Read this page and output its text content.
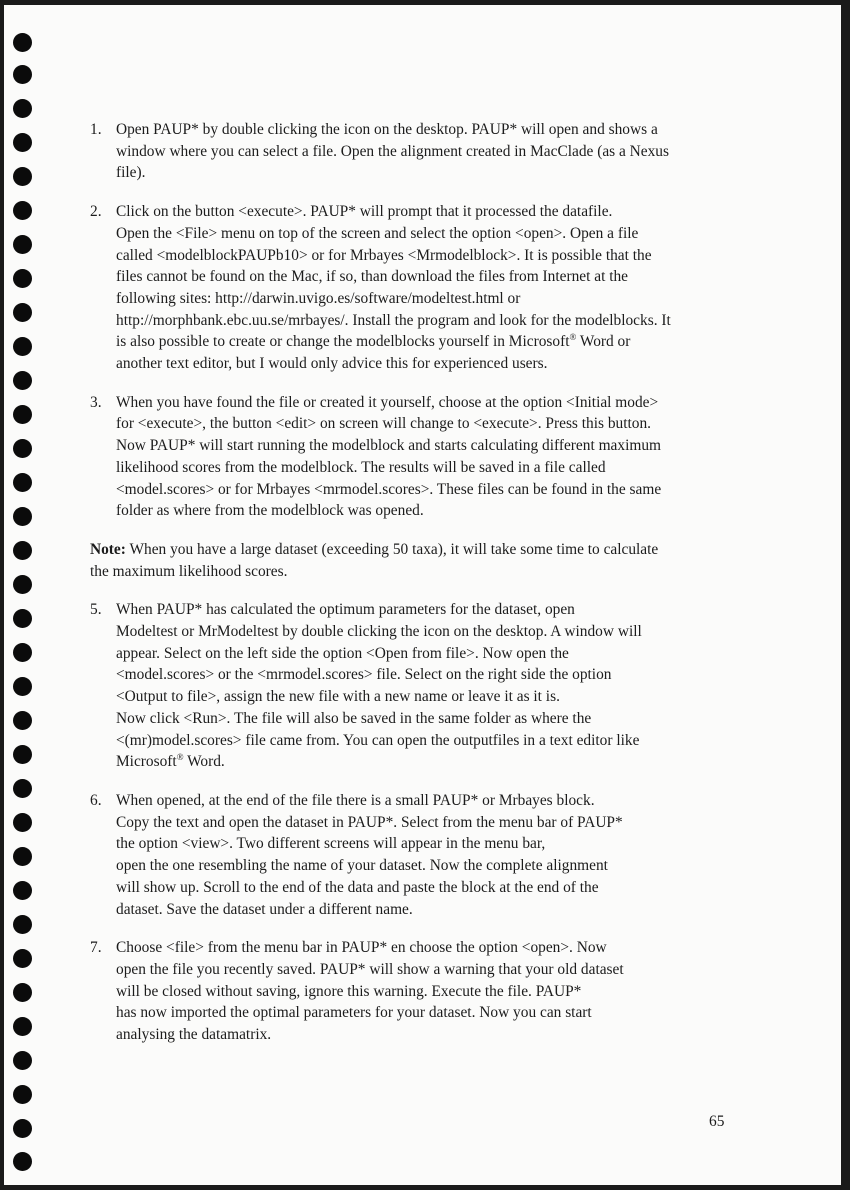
1. Open PAUP* by double clicking the icon on the desktop. PAUP* will open and shows a
window where you can select a file. Open the alignment created in MacClade (as a Nexus
file).
2. Click on the button <execute>. PAUP* will prompt that it processed the datafile.
Open the <File> menu on top of the screen and select the option <open>. Open a file
called <modelblockPAUPb10> or for Mrbayes <Mrmodelblock>. It is possible that the
files cannot be found on the Mac, if so, than download the files from Internet at the
following sites: http://darwin.uvigo.es/software/modeltest.html or
http://morphbank.ebc.uu.se/mrbayes/. Install the program and look for the modelblocks. It
is also possible to create or change the modelblocks yourself in Microsoft® Word or
another text editor, but I would only advice this for experienced users.
3. When you have found the file or created it yourself, choose at the option <Initial mode>
for <execute>, the button <edit> on screen will change to <execute>. Press this button.
Now PAUP* will start running the modelblock and starts calculating different maximum
likelihood scores from the modelblock. The results will be saved in a file called
<model.scores> or for Mrbayes <mrmodel.scores>. These files can be found in the same
folder as where from the modelblock was opened.
Note: When you have a large dataset (exceeding 50 taxa), it will take some time to calculate
the maximum likelihood scores.
5. When PAUP* has calculated the optimum parameters for the dataset, open
Modeltest or MrModeltest by double clicking the icon on the desktop. A window will
appear. Select on the left side the option <Open from file>. Now open the
<model.scores> or the <mrmodel.scores> file. Select on the right side the option
<Output to file>, assign the new file with a new name or leave it as it is.
Now click <Run>. The file will also be saved in the same folder as where the
<(mr)model.scores> file came from. You can open the outputfiles in a text editor like
Microsoft® Word.
6. When opened, at the end of the file there is a small PAUP* or Mrbayes block.
Copy the text and open the dataset in PAUP*. Select from the menu bar of PAUP*
the option <view>. Two different screens will appear in the menu bar,
open the one resembling the name of your dataset. Now the complete alignment
will show up. Scroll to the end of the data and paste the block at the end of the
dataset. Save the dataset under a different name.
7. Choose <file> from the menu bar in PAUP* en choose the option <open>. Now
open the file you recently saved. PAUP* will show a warning that your old dataset
will be closed without saving, ignore this warning. Execute the file. PAUP*
has now imported the optimal parameters for your dataset. Now you can start
analysing the datamatrix.
65
